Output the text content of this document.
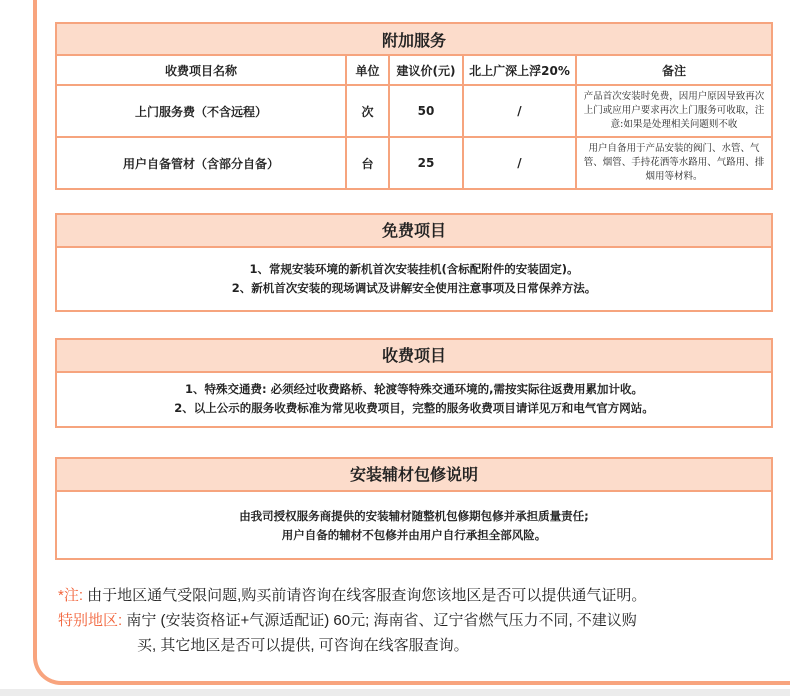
附加服务				
收费项目名称	单位	建议价(元)	北上广深上浮20%	备注
上门服务费（不含远程）	次	50	/	产品首次安装时免费，因用户原因导致再次上门或应用户要求再次上门服务可收取，注意:如果是处理相关问题则不收
用户自备管材（含部分自备）	台	25	/	用户自备用于产品安装的阀门、水管、气管、烟管、手持花洒等水路用、气路用、排烟用等材料。
免费项目
1、常规安装环境的新机首次安装挂机(含标配附件的安装固定)。
2、新机首次安装的现场调试及讲解安全使用注意事项及日常保养方法。
收费项目
1、特殊交通费: 必须经过收费路桥、轮渡等特殊交通环境的,需按实际往返费用累加计收。
2、以上公示的服务收费标准为常见收费项目，完整的服务收费项目请详见万和电气官方网站。
安装辅材包修说明
由我司授权服务商提供的安装辅材随整机包修期包修并承担质量责任;
用户自备的辅材不包修并由用户自行承担全部风险。
*注: 由于地区通气受限问题,购买前请咨询在线客服查询您该地区是否可以提供通气证明。
特别地区: 南宁 (安装资格证+气源适配证) 60元; 海南省、辽宁省燃气压力不同, 不建议购
买, 其它地区是否可以提供, 可咨询在线客服查询。
